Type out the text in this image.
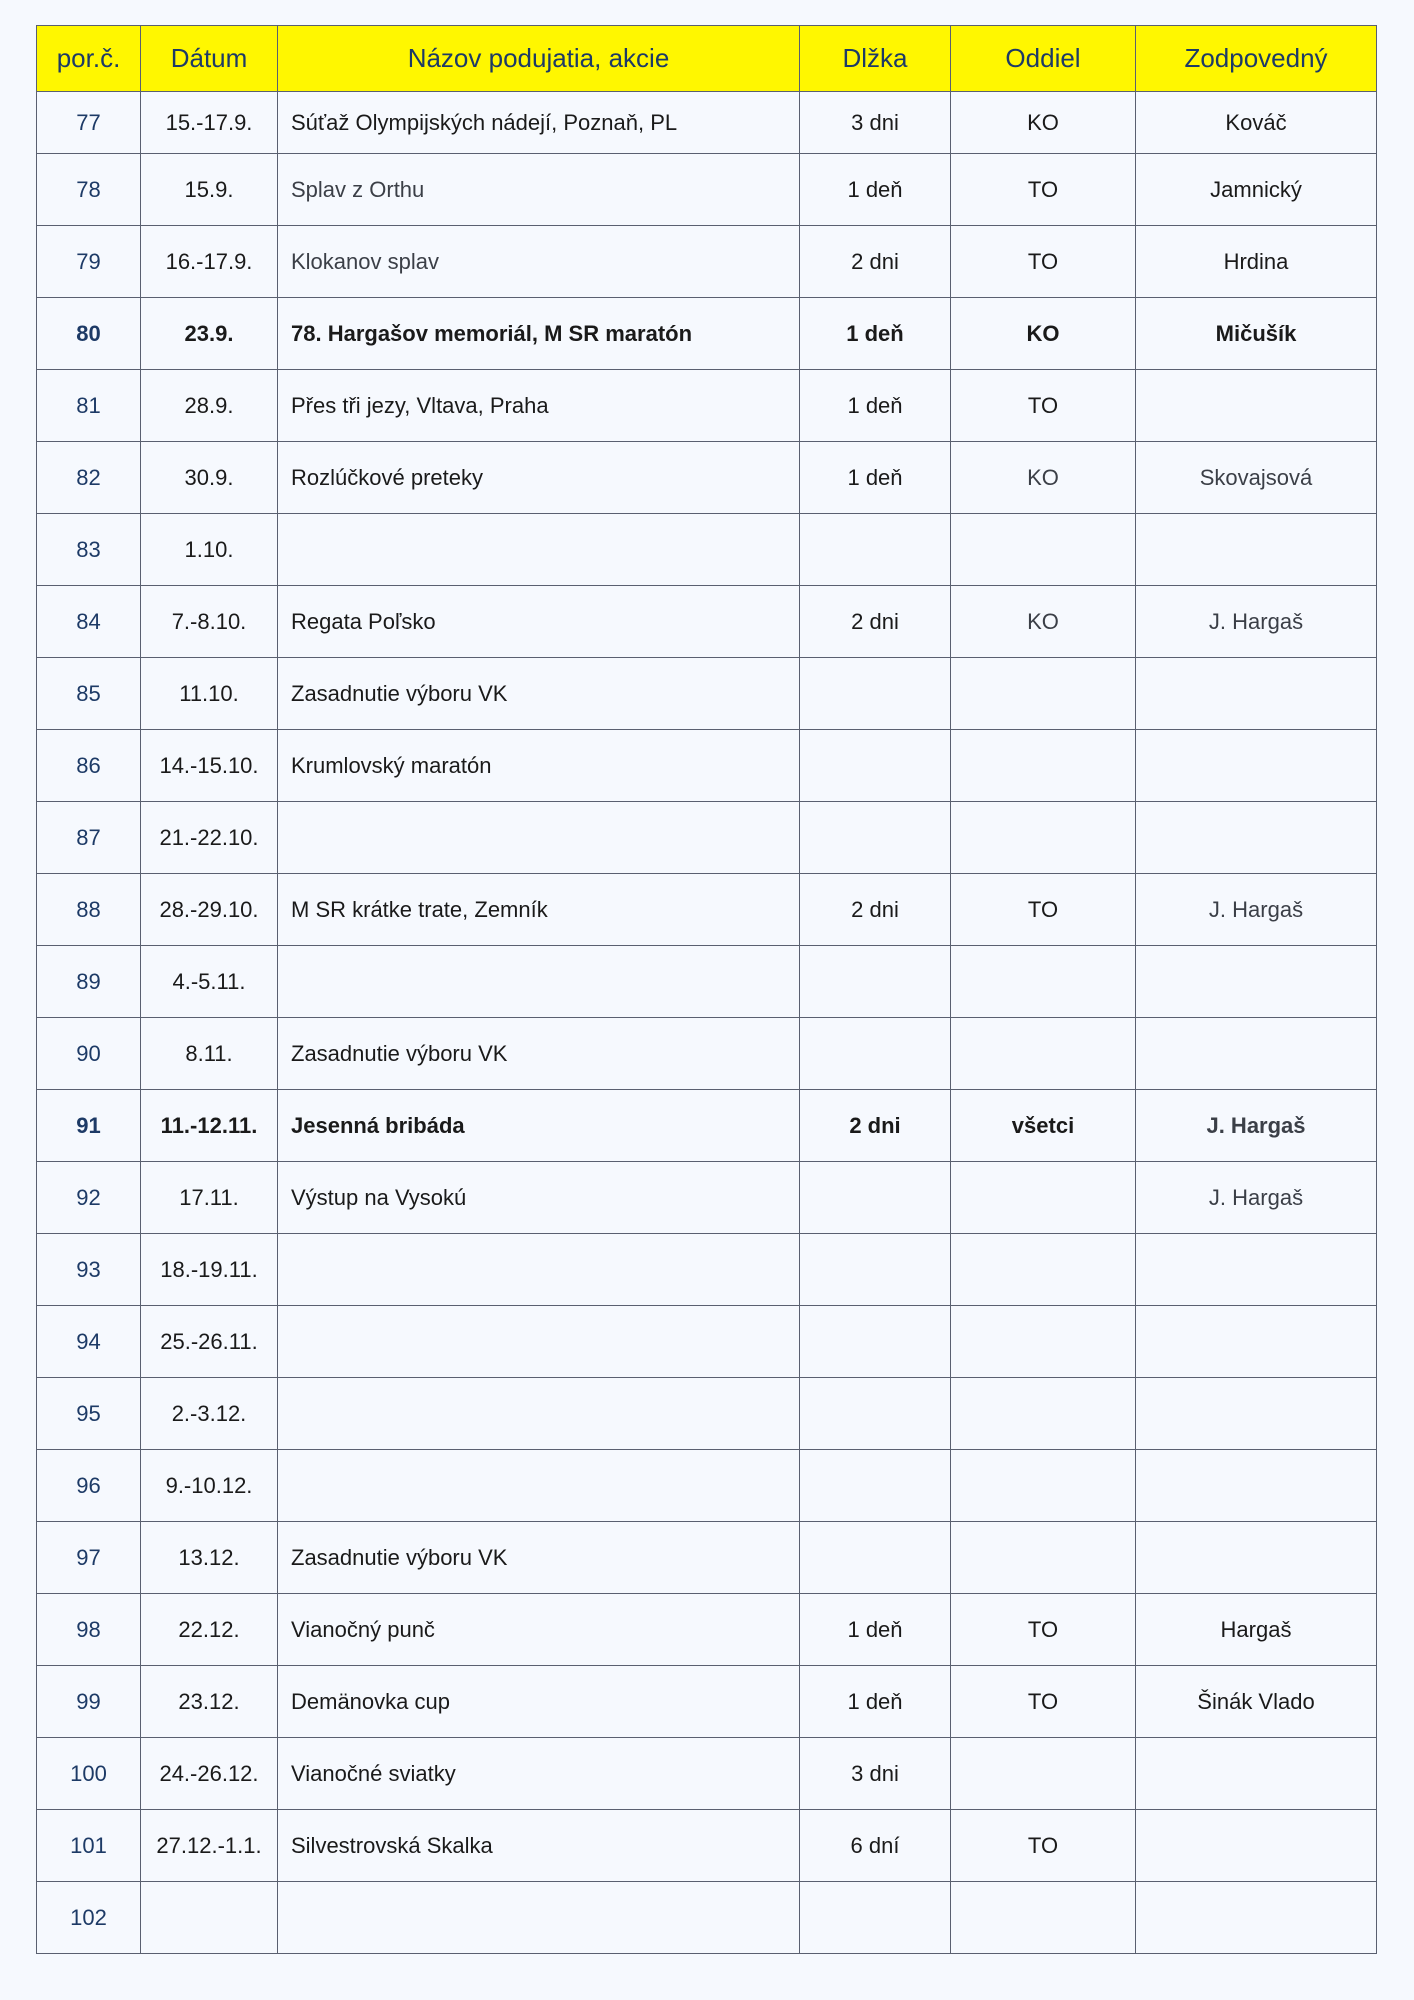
por.č.	Dátum	Názov podujatia, akcie	Dlžka	Oddiel	Zodpovedný
77	15.-17.9.	Súťaž Olympijských nádejí, Poznaň, PL	3 dni	KO	Kováč
78	15.9.	Splav z Orthu	1 deň	TO	Jamnický
79	16.-17.9.	Klokanov splav	2 dni	TO	Hrdina
80	23.9.	78. Hargašov memoriál, M SR maratón	1 deň	KO	Mičušík
81	28.9.	Přes tři jezy, Vltava, Praha	1 deň	TO	
82	30.9.	Rozlúčkové preteky	1 deň	KO	Skovajsová
83	1.10.				
84	7.-8.10.	Regata Poľsko	2 dni	KO	J. Hargaš
85	11.10.	Zasadnutie výboru VK			
86	14.-15.10.	Krumlovský maratón			
87	21.-22.10.				
88	28.-29.10.	M SR krátke trate, Zemník	2 dni	TO	J. Hargaš
89	4.-5.11.				
90	8.11.	Zasadnutie výboru VK			
91	11.-12.11.	Jesenná bribáda	2 dni	všetci	J. Hargaš
92	17.11.	Výstup na Vysokú			J. Hargaš
93	18.-19.11.				
94	25.-26.11.				
95	2.-3.12.				
96	9.-10.12.				
97	13.12.	Zasadnutie výboru VK			
98	22.12.	Vianočný punč	1 deň	TO	Hargaš
99	23.12.	Demänovka cup	1 deň	TO	Šinák Vlado
100	24.-26.12.	Vianočné sviatky	3 dni		
101	27.12.-1.1.	Silvestrovská Skalka	6 dní	TO	
102					
